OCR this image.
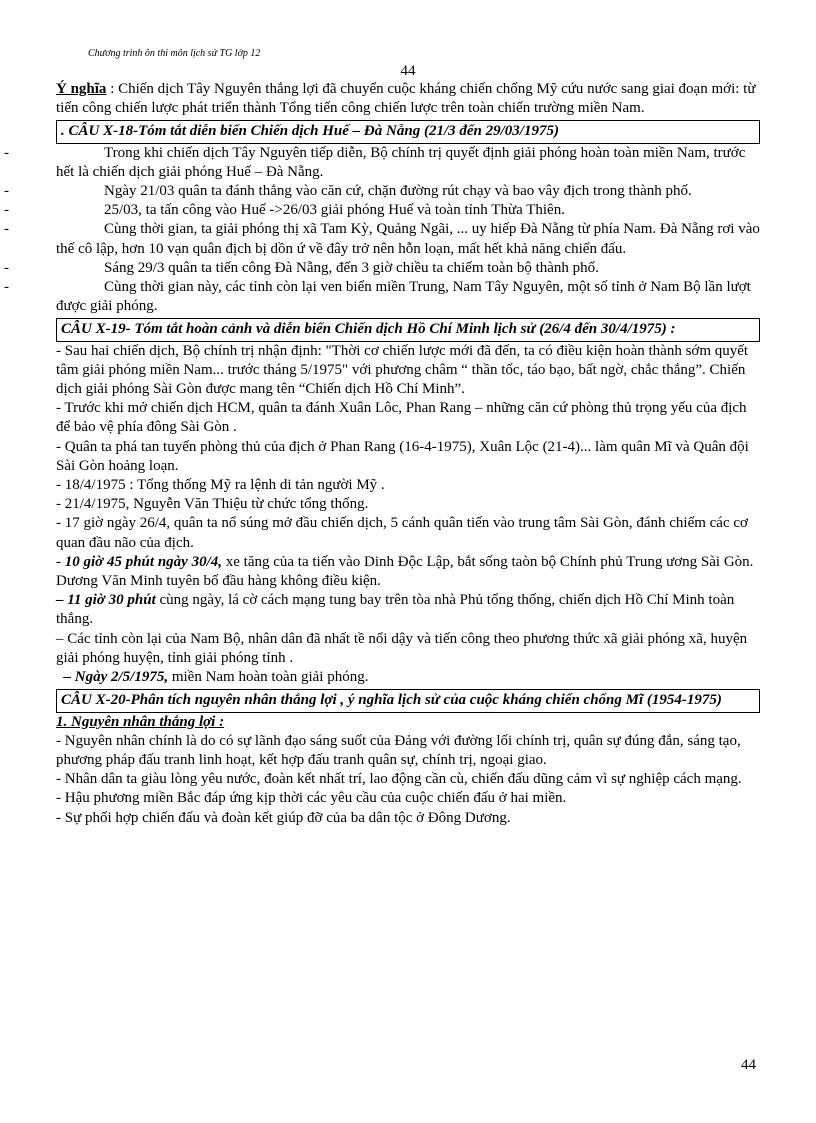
Chương trình ôn thi môn lịch sử TG lớp 12
44

Ý nghĩa : Chiến dịch Tây Nguyên thắng lợi đã chuyển cuộc kháng chiến chống Mỹ cứu nước sang giai đoạn mới: từ tiến công chiến lược phát triển thành Tổng tiến công chiến lược trên toàn chiến trường miền Nam.

. CÂU X-18-Tóm tắt diễn biến Chiến dịch Huế – Đà Nẵng (21/3 đến 29/03/1975)

-	Trong khi chiến dịch Tây Nguyên tiếp diễn, Bộ chính trị quyết định giải phóng hoàn toàn miền Nam, trước hết là chiến dịch giải phóng Huế – Đà Nẵng.

-	Ngày 21/03 quân ta đánh thẳng vào căn cứ, chặn đường rút chạy và bao vây địch trong thành phố.

-	25/03, ta tấn công vào Huế ->26/03 giải phóng Huế và toàn tỉnh Thừa Thiên.

-	Cùng thời gian, ta giải phóng thị xã Tam Kỳ, Quảng Ngãi, ... uy hiếp Đà Nẵng từ phía Nam. Đà Nẵng rơi vào thế cô lập, hơn 10 vạn quân địch bị dồn ứ về đây trở nên hỗn loạn, mất hết khả năng chiến đấu.

-	Sáng 29/3 quân ta tiến công Đà Nẵng, đến 3 giờ chiều ta chiếm toàn bộ thành phố.

-	Cùng thời gian này, các tỉnh còn lại ven biển miền Trung, Nam Tây Nguyên, một số tỉnh ở Nam Bộ lần lượt được giải phóng.

CÂU X-19- Tóm tắt hoàn cảnh và diễn biến Chiến dịch Hồ Chí Minh lịch sử (26/4 đến 30/4/1975) :

- Sau hai chiến dịch, Bộ chính trị nhận định: "Thời cơ chiến lược mới đã đến, ta có điều kiện hoàn thành sớm quyết tâm giải phóng miền Nam... trước tháng 5/1975" với phương châm “ thần tốc, táo bạo, bất ngờ, chắc thắng”. Chiến dịch giải phóng Sài Gòn được mang tên “Chiến dịch Hồ Chí Minh”.

- Trước khi mở chiến dịch HCM, quân ta đánh Xuân Lôc, Phan Rang – những căn cứ phòng thủ trọng yếu của địch để bảo vệ phía đông Sài Gòn .

- Quân ta phá tan tuyến phòng thủ của địch ở Phan Rang (16-4-1975), Xuân Lộc (21-4)... làm quân Mĩ và Quân đội Sài Gòn hoảng loạn.

- 18/4/1975 : Tổng thống Mỹ ra lệnh di tản người Mỹ .

- 21/4/1975, Nguyễn Văn Thiệu từ chức tổng thống.

- 17 giờ ngày 26/4, quân ta nổ súng mở đầu chiến dịch, 5 cánh quân tiến vào trung tâm Sài Gòn, đánh chiếm các cơ quan đầu não của địch.

- 10 giờ 45 phút ngày 30/4, xe tăng của ta tiến vào Dinh Độc Lập, bắt sống taòn bộ Chính phủ Trung ương Sài Gòn. Dương Văn Minh tuyên bố đầu hàng không điều kiện.

– 11 giờ 30 phút cùng ngày, lá cờ cách mạng tung bay trên tòa nhà Phủ tổng thống, chiến dịch Hồ Chí Minh toàn thắng.

– Các tỉnh còn lại của Nam Bộ, nhân dân đã nhất tề nổi dậy và tiến công theo phương thức xã giải phóng xã, huyện giải phóng huyện, tỉnh giải phóng tỉnh .

– Ngày 2/5/1975, miền Nam hoàn toàn giải phóng.

CÂU X-20-Phân tích nguyên nhân thắng lợi , ý nghĩa lịch sử của cuộc kháng chiến chống Mĩ (1954-1975)

1. Nguyên nhân thắng lợi :

- Nguyên nhân chính là do có sự lãnh đạo sáng suốt của Đảng với đường lối chính trị, quân sự đúng đắn, sáng tạo, phương pháp đấu tranh linh hoạt, kết hợp đấu tranh quân sự, chính trị, ngoại giao.

- Nhân dân ta giàu lòng yêu nước, đoàn kết nhất trí, lao động cần cù, chiến đấu dũng cảm vì sự nghiệp cách mạng.

- Hậu phương miền Bắc đáp ứng kịp thời các yêu cầu của cuộc chiến đấu ở hai miền.

- Sự phối hợp chiến đấu và đoàn kết giúp đỡ của ba dân tộc ở Đông Dương.

44
